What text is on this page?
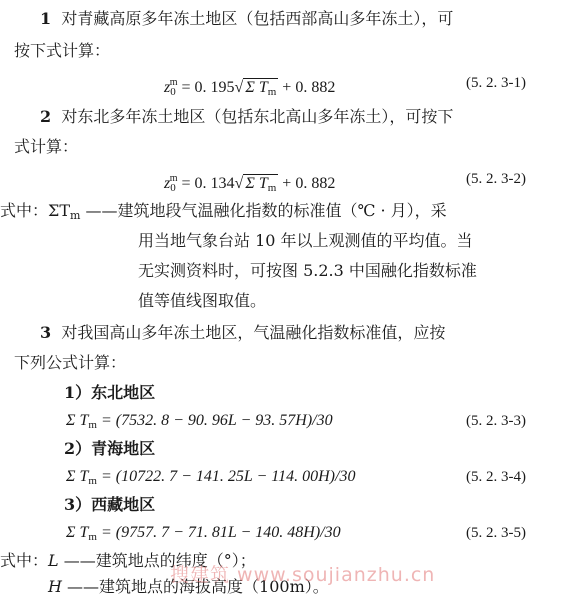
1 对青藏高原多年冻土地区（包括西部高山多年冻土），可
按下式计算：
$z_0^m = 0$. 195√ Σ $T_m + 0$. 882	(5. 2. 3-1)
2 对东北多年冻土地区（包括东北高山多年冻土），可按下
式计算：
$z_0^m = 0$. 134√ Σ $T_m + 0$. 882	(5. 2. 3-2)
式中：$\Sigma T_m$ ——建筑地段气温融化指数的标准值（℃ · 月），采
用当地气象台站 10 年以上观测值的平均值。当
无实测资料时，可按图 5.2.3 中国融化指数标准
值等值线图取值。
3 对我国高山多年冻土地区，气温融化指数标准值，应按
下列公式计算：
1）东北地区
Σ $T_m = (7532$. 8 − 90. 96L − 93. 57H)/30	(5. 2. 3-3)
2）青海地区
Σ $T_m = (10722$. 7 − 141. 25L − 114. 00H)/30	(5. 2. 3-4)
3）西藏地区
Σ $T_m = (9757$. 7 − 71. 81L − 140. 48H)/30	(5. 2. 3-5)
式中：L ——建筑地点的纬度（°）；
H ——建筑地点的海拔高度（100m）。
搜建筑 www.soujianzhu.cn
